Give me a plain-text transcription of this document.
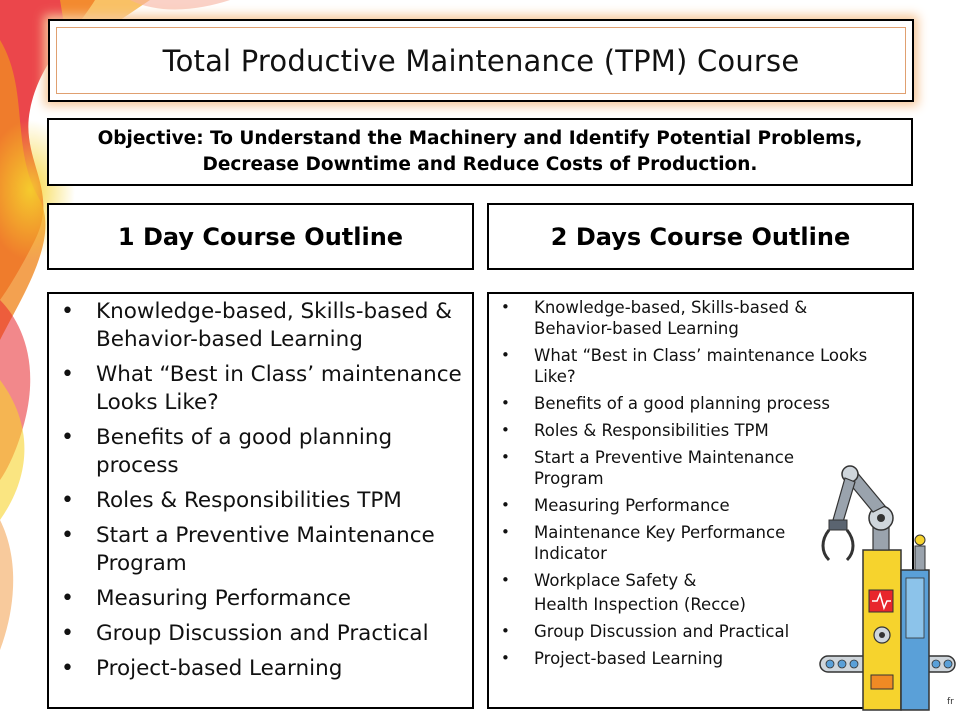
Total Productive Maintenance (TPM) Course
Objective: To Understand the Machinery and Identify Potential Problems,
Decrease Downtime and Reduce Costs of Production.
1 Day Course Outline	2 Days Course Outline
• Knowledge-based, Skills-based & Behavior-based Learning
• What “Best in Class’ maintenance Looks Like?
• Benefits of a good planning process
• Roles & Responsibilities TPM
• Start a Preventive Maintenance Program
• Measuring Performance
• Group Discussion and Practical
• Project-based Learning
• Knowledge-based, Skills-based & Behavior-based Learning
• What “Best in Class’ maintenance Looks Like?
• Benefits of a good planning process
• Roles & Responsibilities TPM
• Start a Preventive Maintenance Program
• Measuring Performance
• Maintenance Key Performance Indicator
• Workplace Safety &
Health Inspection (Recce)
• Group Discussion and Practical
• Project-based Learning
fr
